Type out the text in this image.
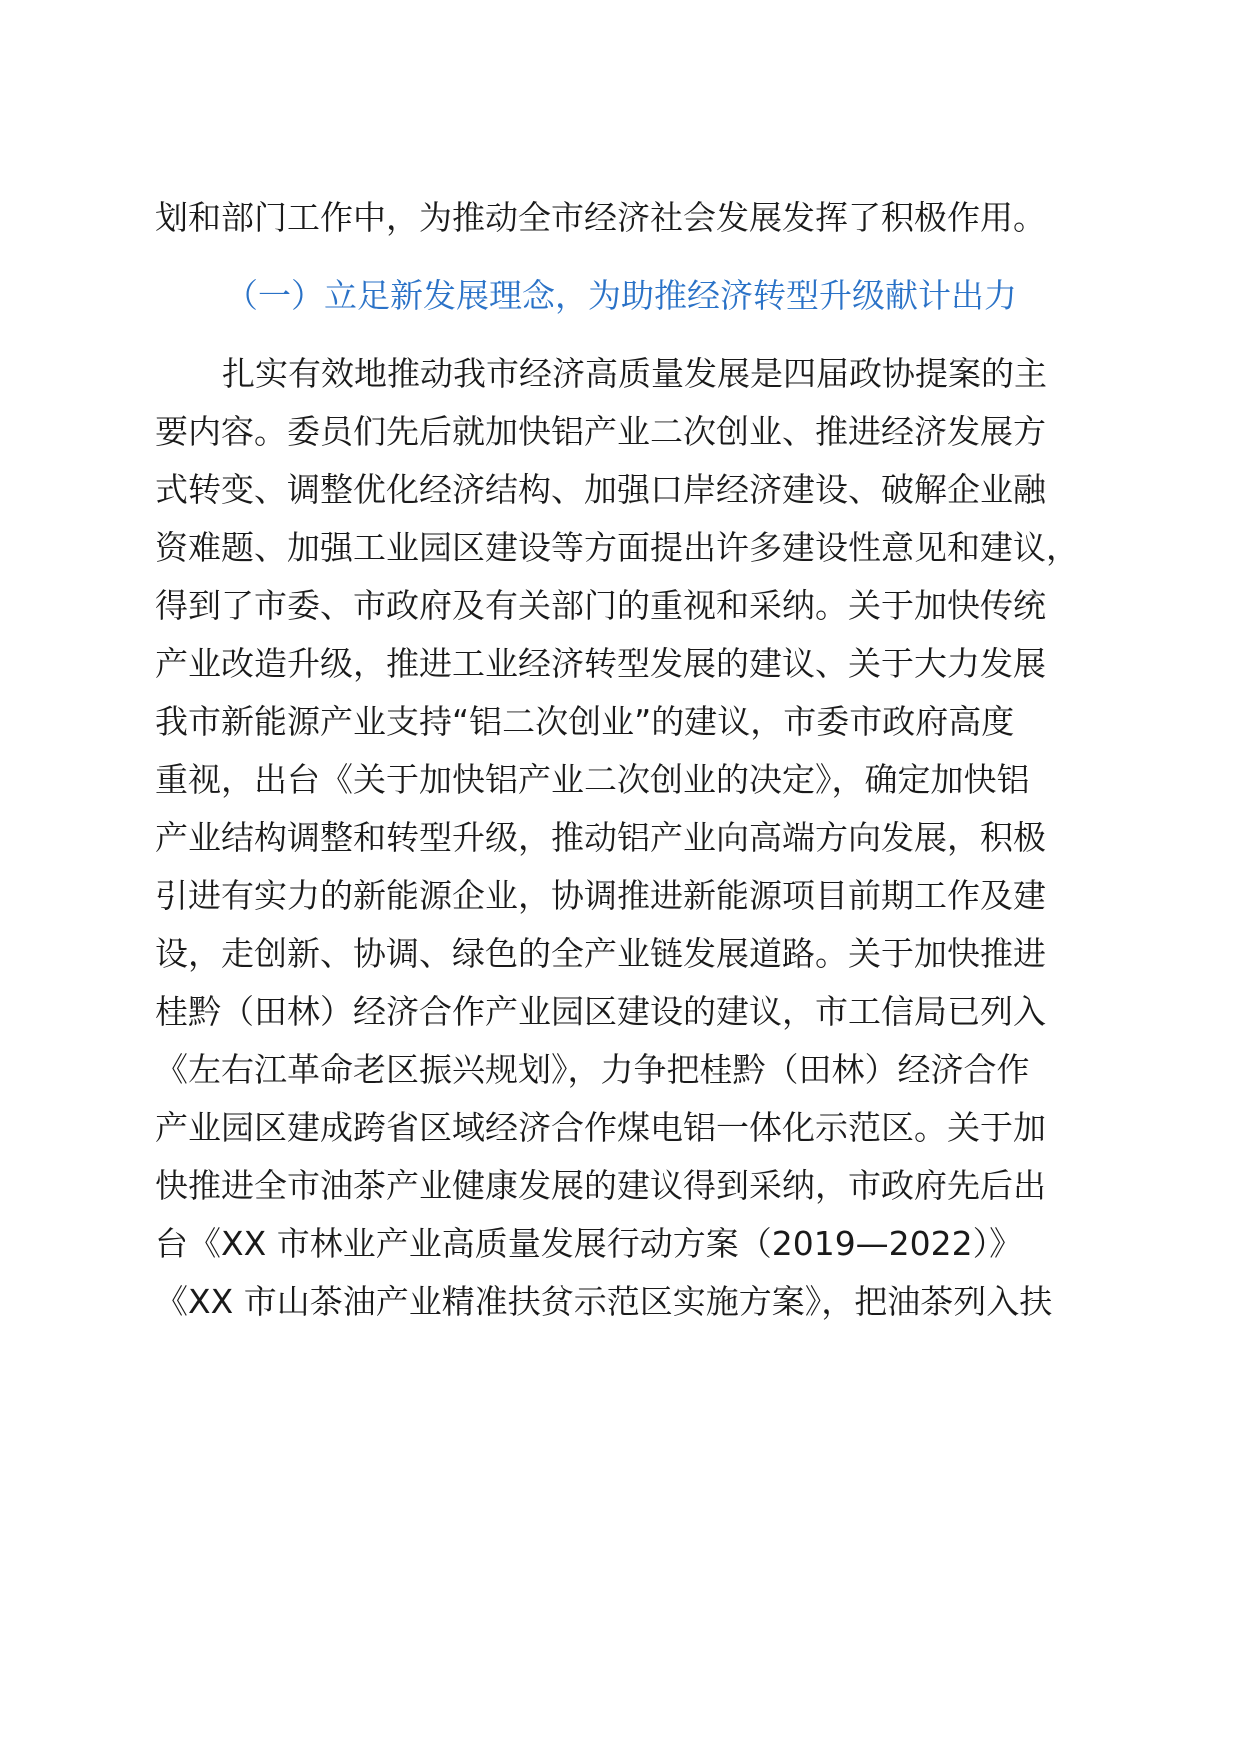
划和部门工作中，为推动全市经济社会发展发挥了积极作用。
（一）立足新发展理念，为助推经济转型升级献计出力
扎实有效地推动我市经济高质量发展是四届政协提案的主
要内容。委员们先后就加快铝产业二次创业、推进经济发展方
式转变、调整优化经济结构、加强口岸经济建设、破解企业融
资难题、加强工业园区建设等方面提出许多建设性意见和建议，
得到了市委、市政府及有关部门的重视和采纳。关于加快传统
产业改造升级，推进工业经济转型发展的建议、关于大力发展
我市新能源产业支持“铝二次创业”的建议，市委市政府高度
重视，出台《关于加快铝产业二次创业的决定》，确定加快铝
产业结构调整和转型升级，推动铝产业向高端方向发展，积极
引进有实力的新能源企业，协调推进新能源项目前期工作及建
设，走创新、协调、绿色的全产业链发展道路。关于加快推进
桂黔（田林）经济合作产业园区建设的建议，市工信局已列入
《左右江革命老区振兴规划》，力争把桂黔（田林）经济合作
产业园区建成跨省区域经济合作煤电铝一体化示范区。关于加
快推进全市油茶产业健康发展的建议得到采纳，市政府先后出
台《XX 市林业产业高质量发展行动方案（2019—2022）》
《XX 市山茶油产业精准扶贫示范区实施方案》，把油茶列入扶
